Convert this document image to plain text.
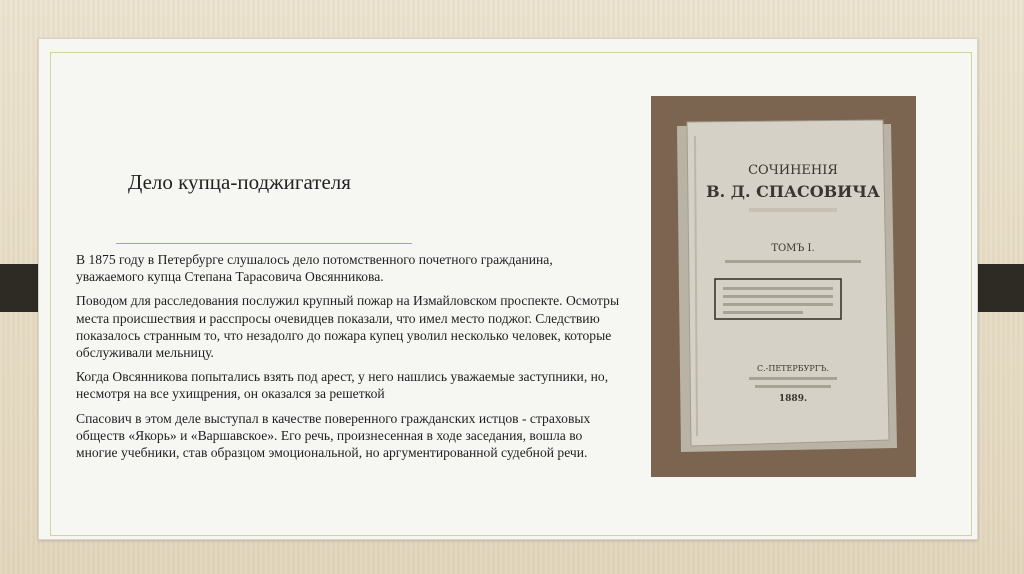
Дело купца-поджигателя

В 1875 году в Петербурге слушалось дело потомственного почетного гражданина, уважаемого купца Степана Тарасовича Овсянникова.

Поводом для расследования послужил крупный пожар на Измайловском проспекте. Осмотры места происшествия и расспросы очевидцев показали, что имел место поджог. Следствию показалось странным то, что незадолго до пожара купец уволил несколько человек, которые обслуживали мельницу.

Когда Овсянникова попытались взять под арест, у него нашлись уважаемые заступники, но, несмотря на все ухищрения, он оказался за решеткой

Спасович в этом деле выступал в качестве поверенного гражданских истцов - страховых обществ «Якорь» и «Варшавское». Его речь, произнесенная в ходе заседания, вошла во многие учебники, став образцом эмоциональной, но аргументированной судебной речи.

СОЧИНЕНІЯ
В. Д. СПАСОВИЧА
ТОМЪ I.
С.-ПЕТЕРБУРГЪ.
1889.
